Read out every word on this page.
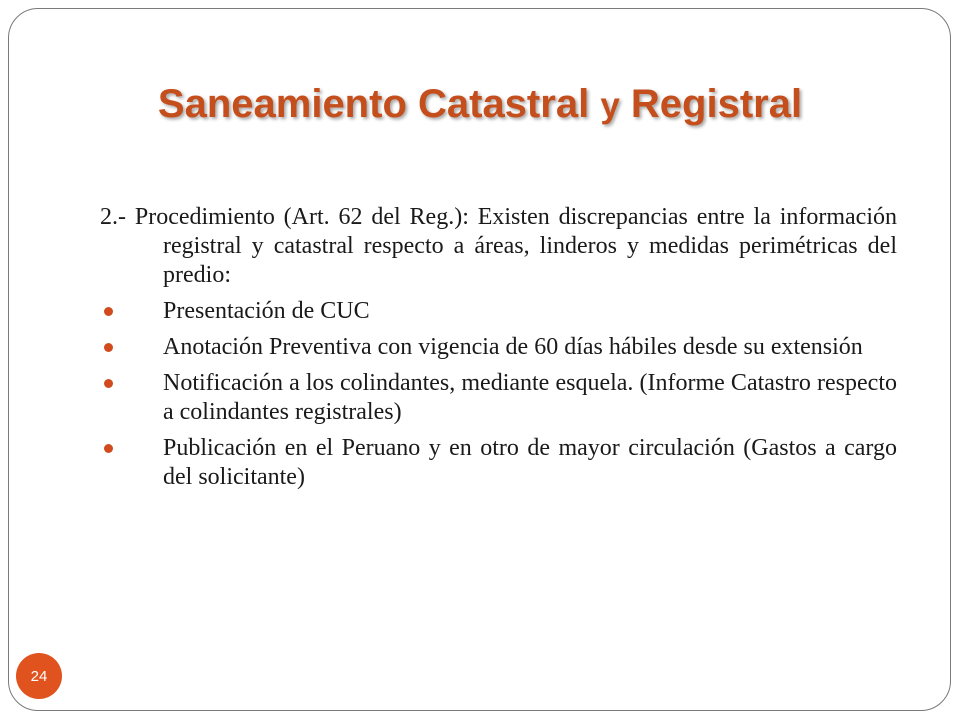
Saneamiento Catastral y Registral

2.- Procedimiento (Art. 62 del Reg.): Existen discrepancias entre la información registral y catastral respecto a áreas, linderos y medidas perimétricas del predio:

Presentación de CUC
Anotación Preventiva con vigencia de 60 días hábiles desde su extensión
Notificación a los colindantes, mediante esquela. (Informe Catastro respecto a colindantes registrales)
Publicación en el Peruano y en otro de mayor circulación (Gastos a cargo del solicitante)
24
